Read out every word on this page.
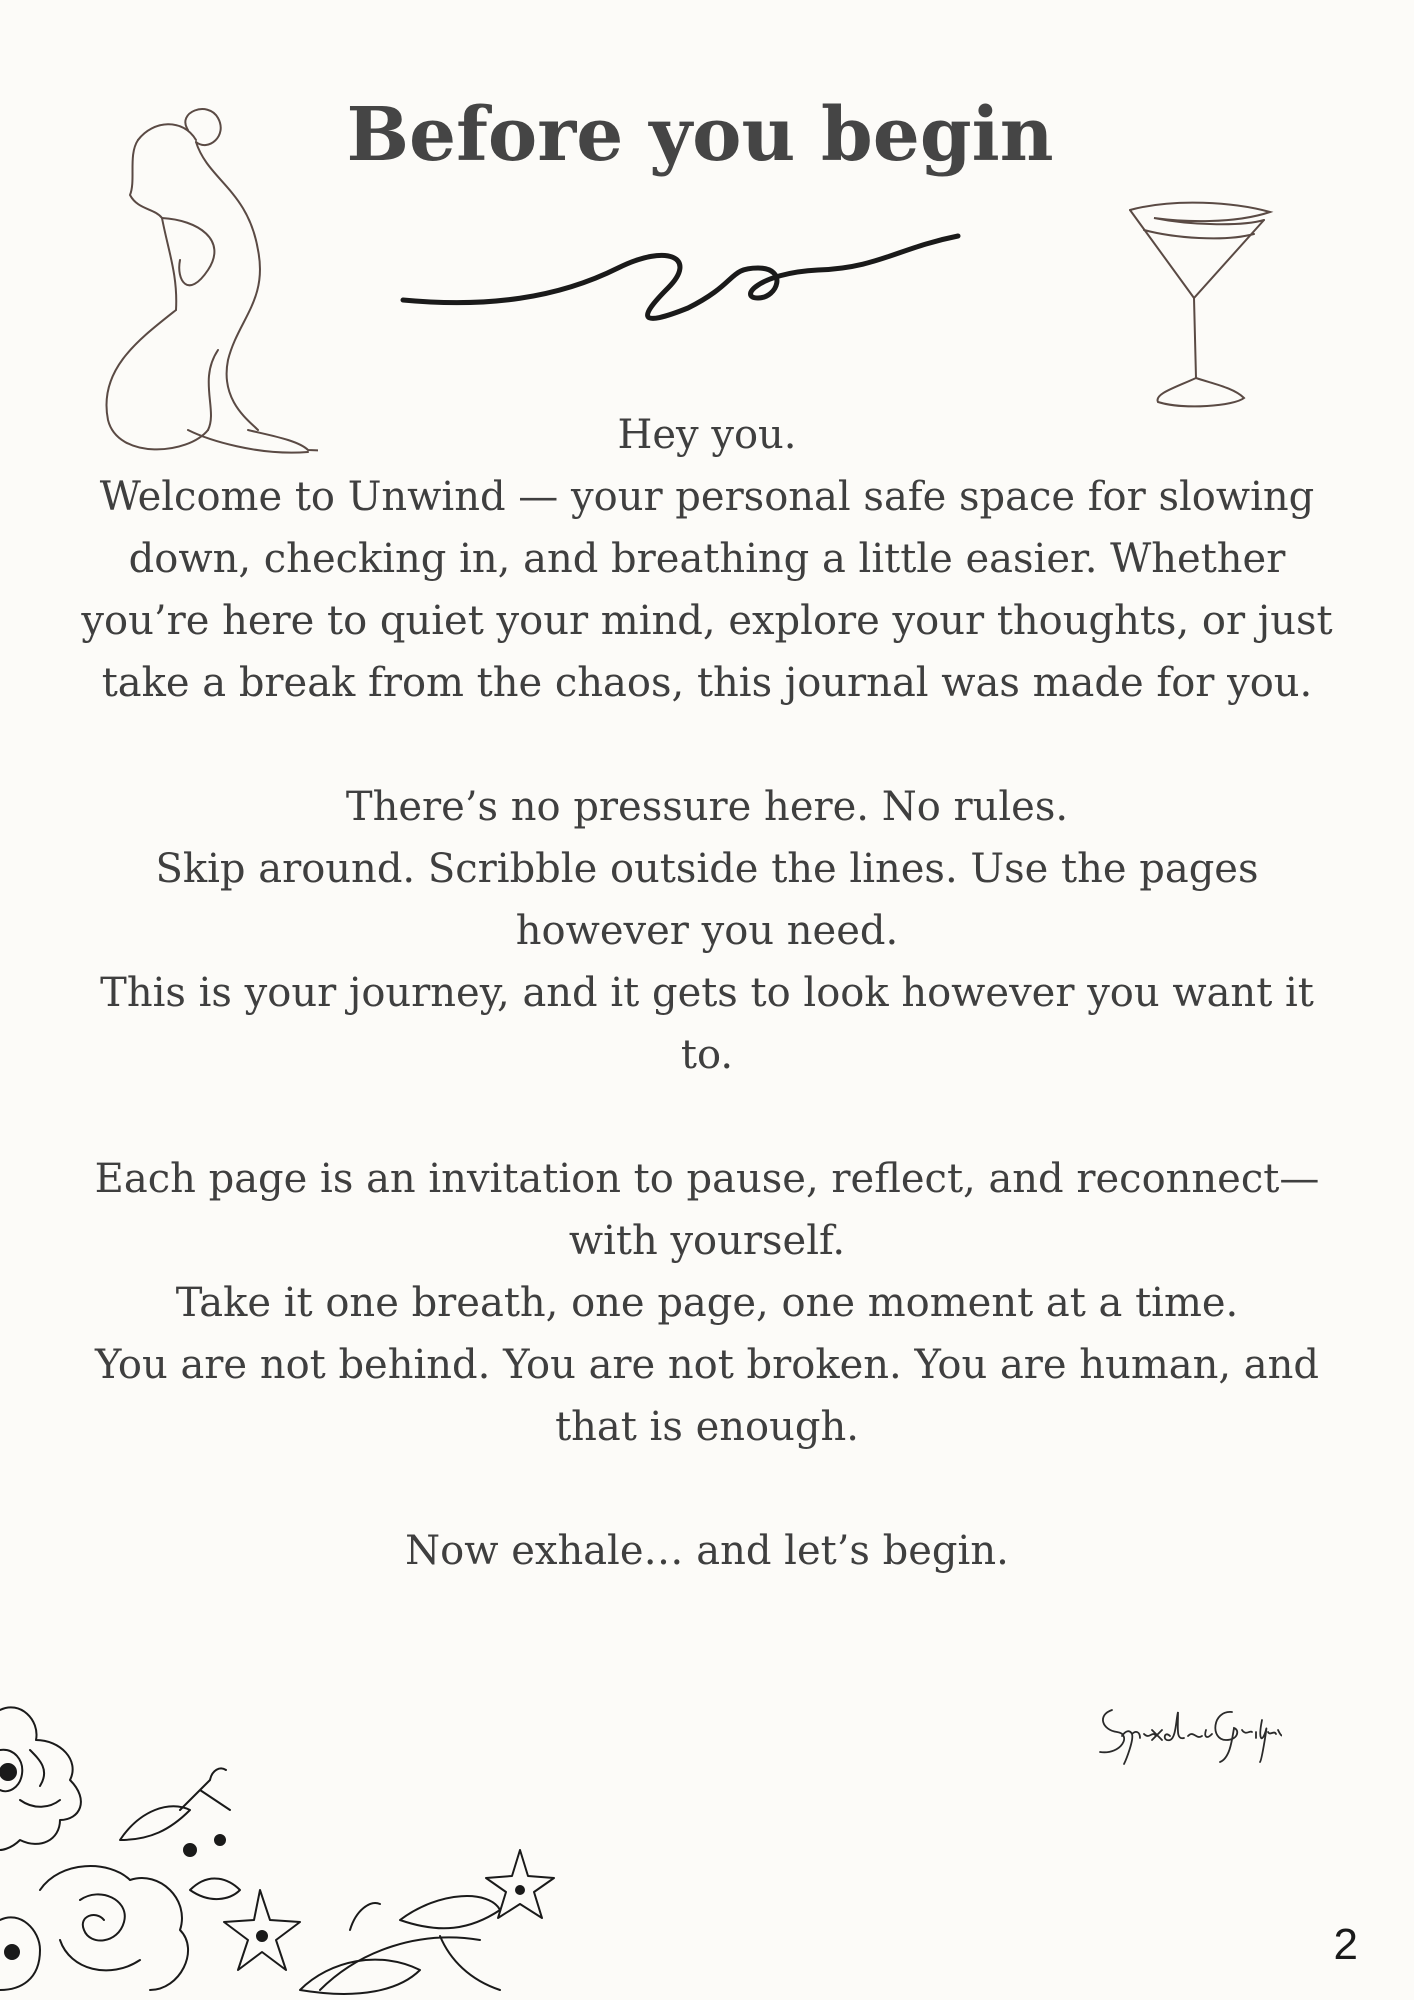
Before you begin

Hey you.
Welcome to Unwind — your personal safe space for slowing down, checking in, and breathing a little easier. Whether you’re here to quiet your mind, explore your thoughts, or just take a break from the chaos, this journal was made for you.

There’s no pressure here. No rules.
Skip around. Scribble outside the lines. Use the pages however you need.
This is your journey, and it gets to look however you want it to.

Each page is an invitation to pause, reflect, and reconnect—with yourself.
Take it one breath, one page, one moment at a time.
You are not behind. You are not broken. You are human, and that is enough.

Now exhale… and let’s begin.

2
